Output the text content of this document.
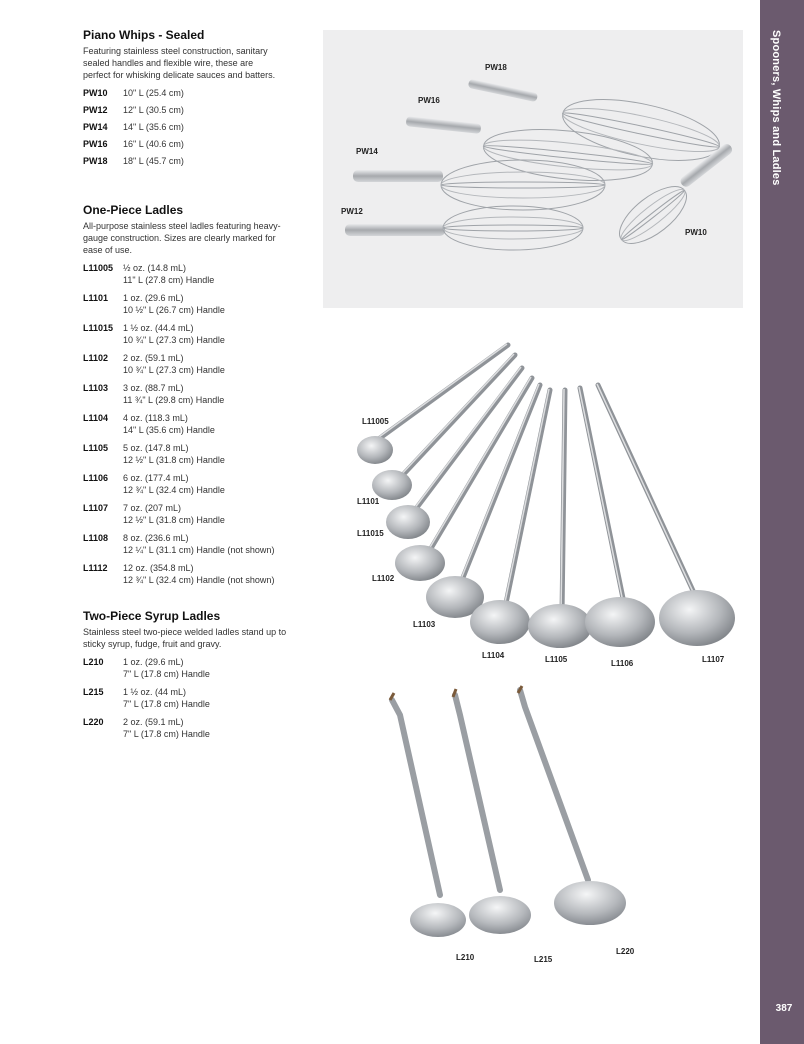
Spooners, Whips and Ladles
387
Piano Whips - Sealed
Featuring stainless steel construction, sanitary sealed handles and flexible wire, these are perfect for whisking delicate sauces and batters.
PW10	10" L (25.4 cm)
PW12	12" L (30.5 cm)
PW14	14" L (35.6 cm)
PW16	16" L (40.6 cm)
PW18	18" L (45.7 cm)
One-Piece Ladles
All-purpose stainless steel ladles featuring heavy-gauge construction. Sizes are clearly marked for ease of use.
L11005	½ oz. (14.8 mL)
11" L (27.8 cm) Handle
L1101	1 oz. (29.6 mL)
10 ½" L (26.7 cm) Handle
L11015	1 ½ oz. (44.4 mL)
10 ¾" L (27.3 cm) Handle
L1102	2 oz. (59.1 mL)
10 ¾" L (27.3 cm) Handle
L1103	3 oz. (88.7 mL)
11 ¾" L (29.8 cm) Handle
L1104	4 oz. (118.3 mL)
14" L (35.6 cm) Handle
L1105	5 oz. (147.8 mL)
12 ½" L (31.8 cm) Handle
L1106	6 oz. (177.4 mL)
12 ¾" L (32.4 cm) Handle
L1107	7 oz. (207 mL)
12 ½" L (31.8 cm) Handle
L1108	8 oz. (236.6 mL)
12 ¼" L (31.1 cm) Handle (not shown)
L1112	12 oz. (354.8 mL)
12 ¾" L (32.4 cm) Handle (not shown)
Two-Piece Syrup Ladles
Stainless steel two-piece welded ladles stand up to sticky syrup, fudge, fruit and gravy.
L210	1 oz. (29.6 mL)
7" L (17.8 cm) Handle
L215	1 ½ oz. (44 mL)
7" L (17.8 cm) Handle
L220	2 oz. (59.1 mL)
7" L (17.8 cm) Handle
PW18
PW16
PW14
PW12
PW10
L11005
L1101
L11015
L1102
L1103
L1104	L1105	L1106	L1107
L210	L215
L220
